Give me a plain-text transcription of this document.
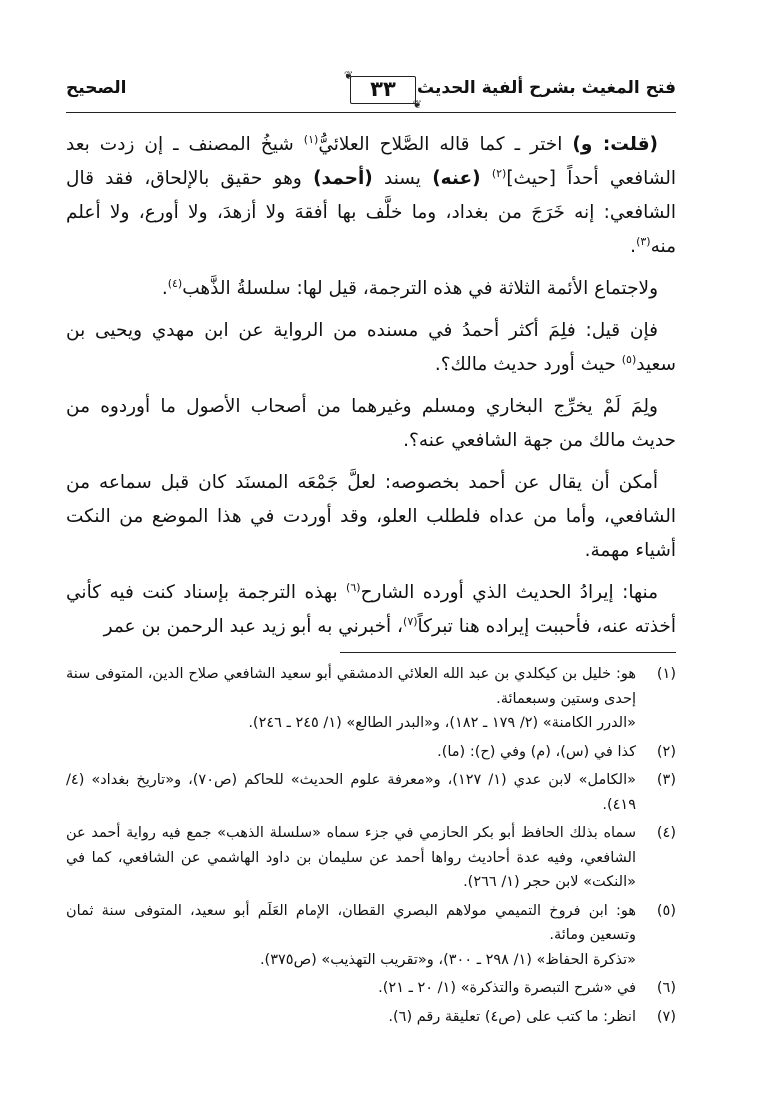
فتح المغيث بشرح ألفية الحديث
❦
❦
٣٣
الصحيح

(قلت: و) اختر ـ كما قاله الصَّلاح العلائيُّ$^{(١)}$ شيخُ المصنف ـ إن زدت بعد الشافعي أحداً [حيث]$^{(٢)}$ (عنه) يسند (أحمد) وهو حقيق بالإلحاق، فقد قال الشافعي: إنه خَرَجَ من بغداد، وما خلَّف بها أفقهَ ولا أزهدَ، ولا أورع، ولا أعلم منه$^{(٣)}$.

ولاجتماع الأئمة الثلاثة في هذه الترجمة، قيل لها: سلسلةُ الذَّهب$^{(٤)}$.

فإن قيل: فلِمَ أكثر أحمدُ في مسنده من الرواية عن ابن مهدي ويحيى بن سعيد$^{(٥)}$ حيث أورد حديث مالك؟.

ولِمَ لَمْ يخرِّج البخاري ومسلم وغيرهما من أصحاب الأصول ما أوردوه من حديث مالك من جهة الشافعي عنه؟.

أمكن أن يقال عن أحمد بخصوصه: لعلَّ جَمْعَه المسنَد كان قبل سماعه من الشافعي، وأما من عداه فلطلب العلو، وقد أوردت في هذا الموضع من النكت أشياء مهمة.

منها: إيرادُ الحديث الذي أورده الشارح$^{(٦)}$ بهذه الترجمة بإسناد كنت فيه كأني أخذته عنه، فأحببت إيراده هنا تبركاً$^{(٧)}$، أخبرني به أبو زيد عبد الرحمن بن عمر

(١)
هو: خليل بن كيكلدي بن عبد الله العلائي الدمشقي أبو سعيد الشافعي صلاح الدين، المتوفى سنة إحدى وستين وسبعمائة.
«الدرر الكامنة» (٢/ ١٧٩ ـ ١٨٢)، و«البدر الطالع» (١/ ٢٤٥ ـ ٢٤٦).
(٢)
كذا في (س)، (م) وفي (ح): (ما).
(٣)
«الكامل» لابن عدي (١/ ١٢٧)، و«معرفة علوم الحديث» للحاكم (ص٧٠)، و«تاريخ بغداد» (٤/ ٤١٩).
(٤)
سماه بذلك الحافظ أبو بكر الحازمي في جزء سماه «سلسلة الذهب» جمع فيه رواية أحمد عن الشافعي، وفيه عدة أحاديث رواها أحمد عن سليمان بن داود الهاشمي عن الشافعي، كما في «النكت» لابن حجر (١/ ٢٦٦).
(٥)
هو: ابن فروخ التميمي مولاهم البصري القطان، الإمام العَلَم أبو سعيد، المتوفى سنة ثمان وتسعين ومائة.
«تذكرة الحفاظ» (١/ ٢٩٨ ـ ٣٠٠)، و«تقريب التهذيب» (ص٣٧٥).
(٦)
في «شرح التبصرة والتذكرة» (١/ ٢٠ ـ ٢١).
(٧)
انظر: ما كتب على (ص٤) تعليقة رقم (٦).
